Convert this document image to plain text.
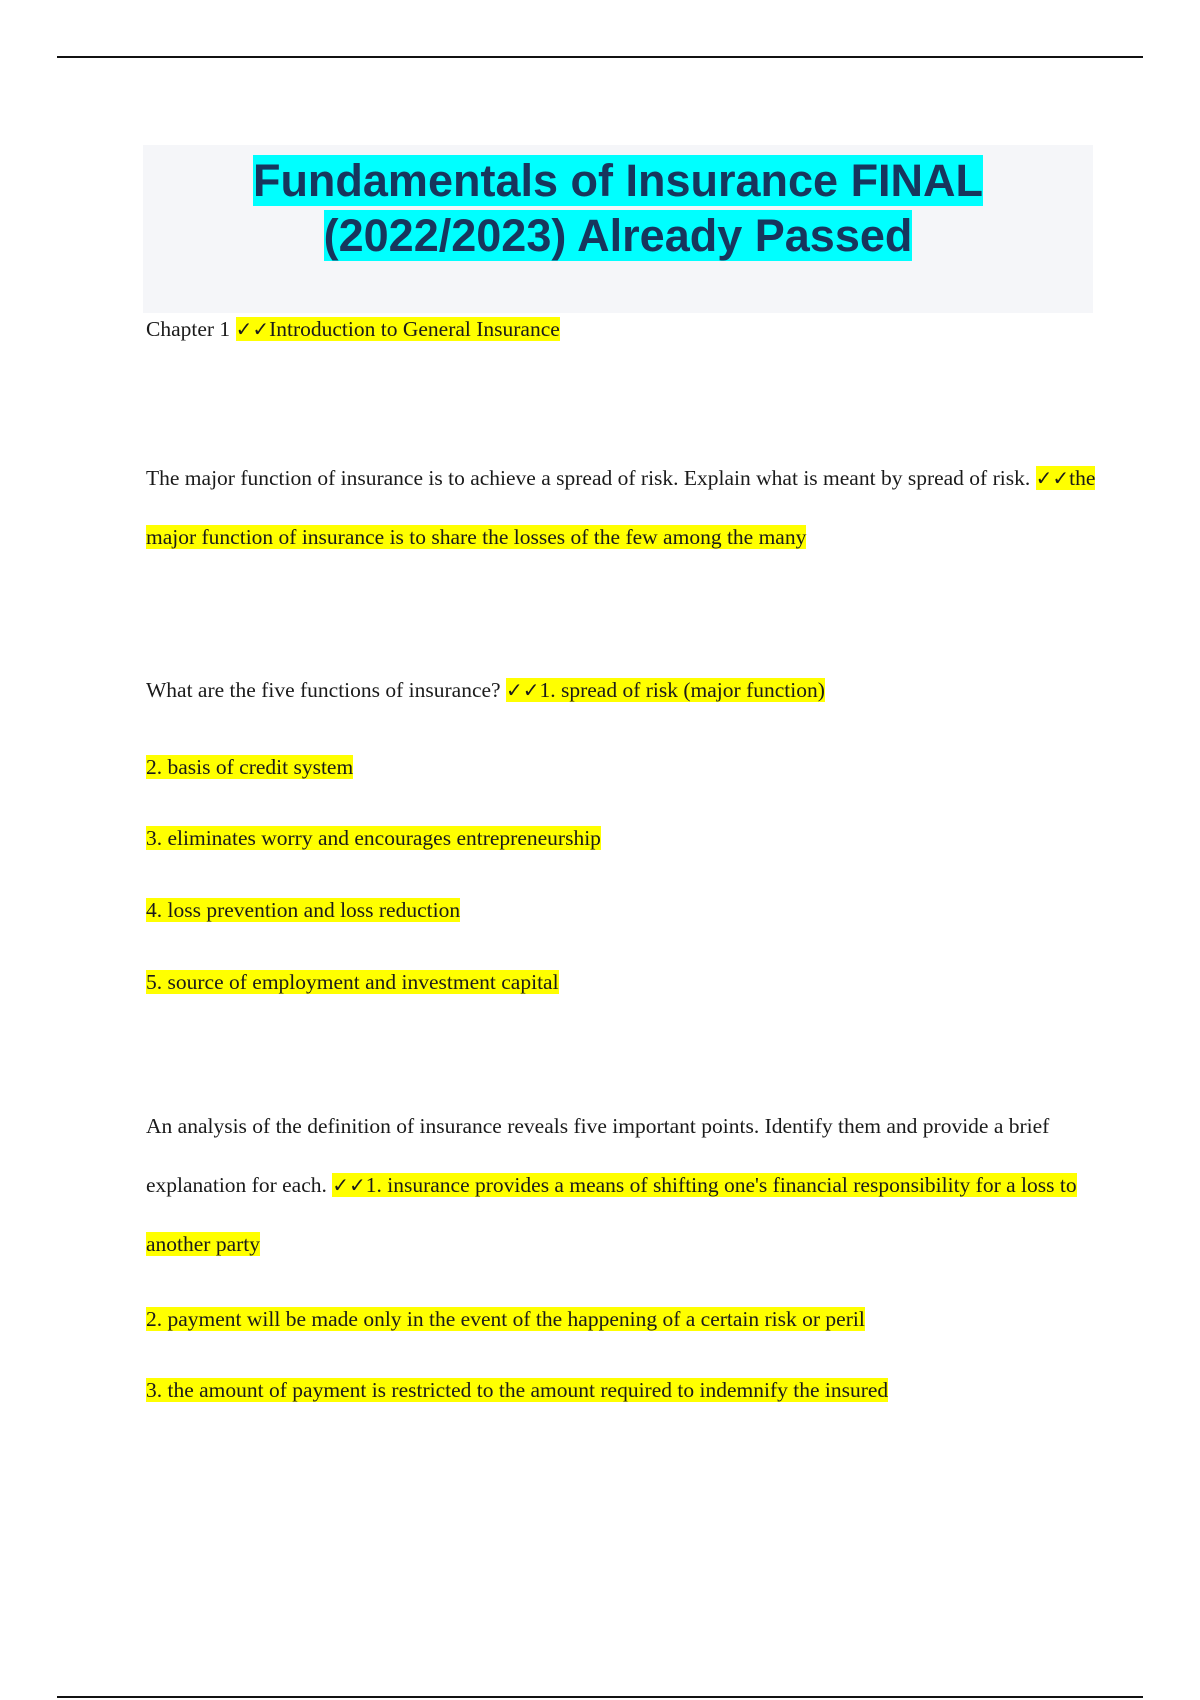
Fundamentals of Insurance FINAL (2022/2023) Already Passed

Chapter 1 ✓✓Introduction to General Insurance

The major function of insurance is to achieve a spread of risk. Explain what is meant by spread of risk. ✓✓the major function of insurance is to share the losses of the few among the many

What are the five functions of insurance? ✓✓1. spread of risk (major function)

2. basis of credit system

3. eliminates worry and encourages entrepreneurship

4. loss prevention and loss reduction

5. source of employment and investment capital

An analysis of the definition of insurance reveals five important points. Identify them and provide a brief explanation for each. ✓✓1. insurance provides a means of shifting one's financial responsibility for a loss to another party

2. payment will be made only in the event of the happening of a certain risk or peril

3. the amount of payment is restricted to the amount required to indemnify the insured
